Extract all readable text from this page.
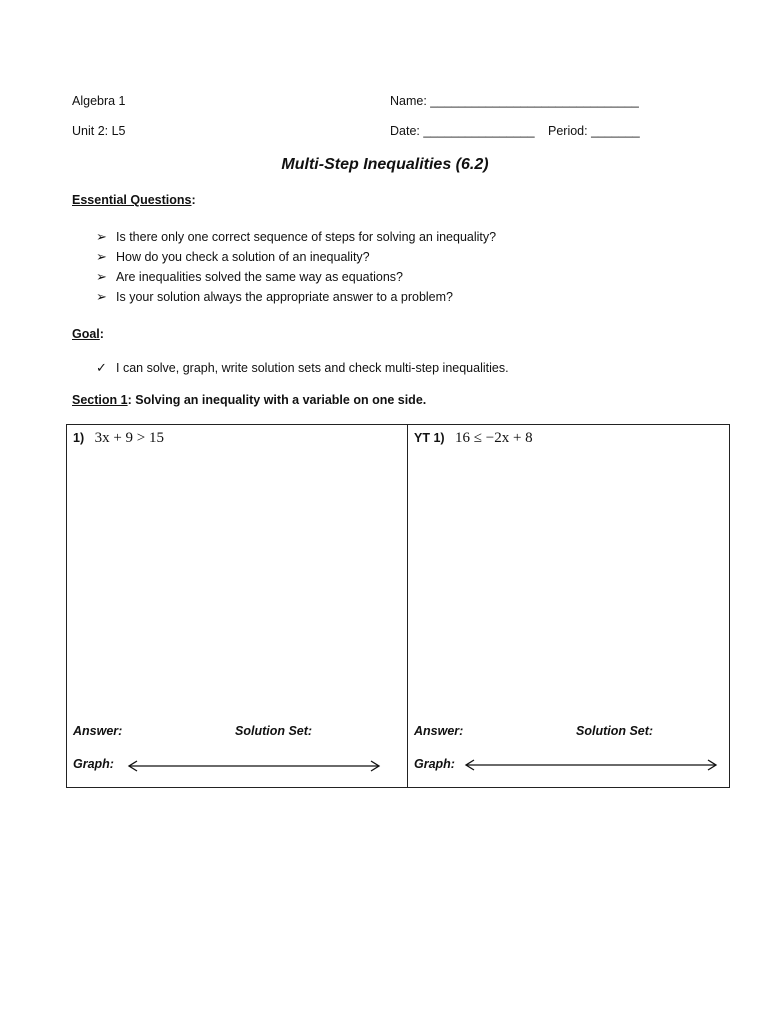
Algebra 1	Name: ______________________________
Unit 2: L5	Date: ________________ Period: _______
Multi-Step Inequalities (6.2)
Essential Questions:
➢ Is there only one correct sequence of steps for solving an inequality?
➢ How do you check a solution of an inequality?
➢ Are inequalities solved the same way as equations?
➢ Is your solution always the appropriate answer to a problem?
Goal:
✓ I can solve, graph, write solution sets and check multi-step inequalities.
Section 1: Solving an inequality with a variable on one side.
1) 3x + 9 > 15
Answer:	Solution Set:
Graph:
YT 1) 16 ≤ −2x + 8
Answer:	Solution Set:
Graph:
